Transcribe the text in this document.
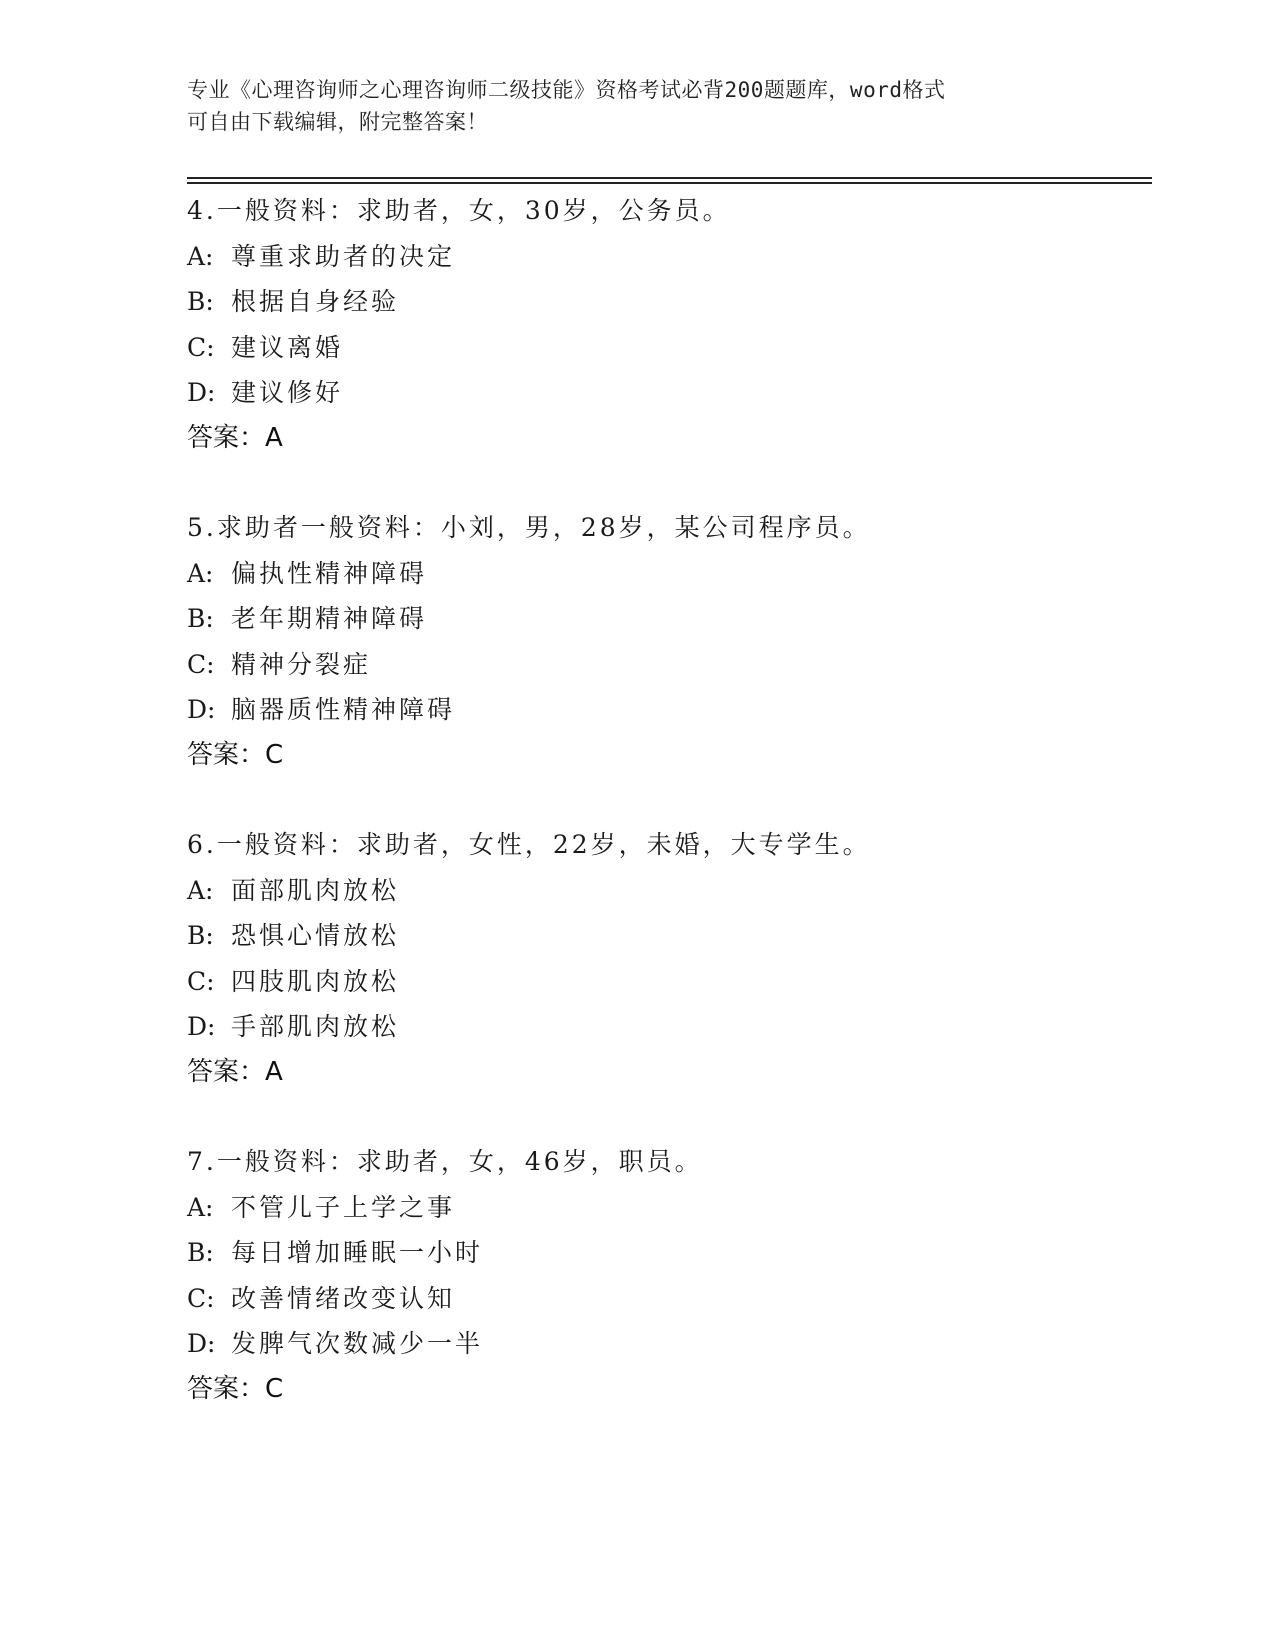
专业《心理咨询师之心理咨询师二级技能》资格考试必背200题题库，word格式
可自由下载编辑，附完整答案！
4.一般资料：求助者，女，30岁，公务员。
A: 尊重求助者的决定
B: 根据自身经验
C: 建议离婚
D: 建议修好
答案：A
5.求助者一般资料：小刘，男，28岁，某公司程序员。
A: 偏执性精神障碍
B: 老年期精神障碍
C: 精神分裂症
D: 脑器质性精神障碍
答案：C
6.一般资料：求助者，女性，22岁，未婚，大专学生。
A: 面部肌肉放松
B: 恐惧心情放松
C: 四肢肌肉放松
D: 手部肌肉放松
答案：A
7.一般资料：求助者，女，46岁，职员。
A: 不管儿子上学之事
B: 每日增加睡眠一小时
C: 改善情绪改变认知
D: 发脾气次数减少一半
答案：C
